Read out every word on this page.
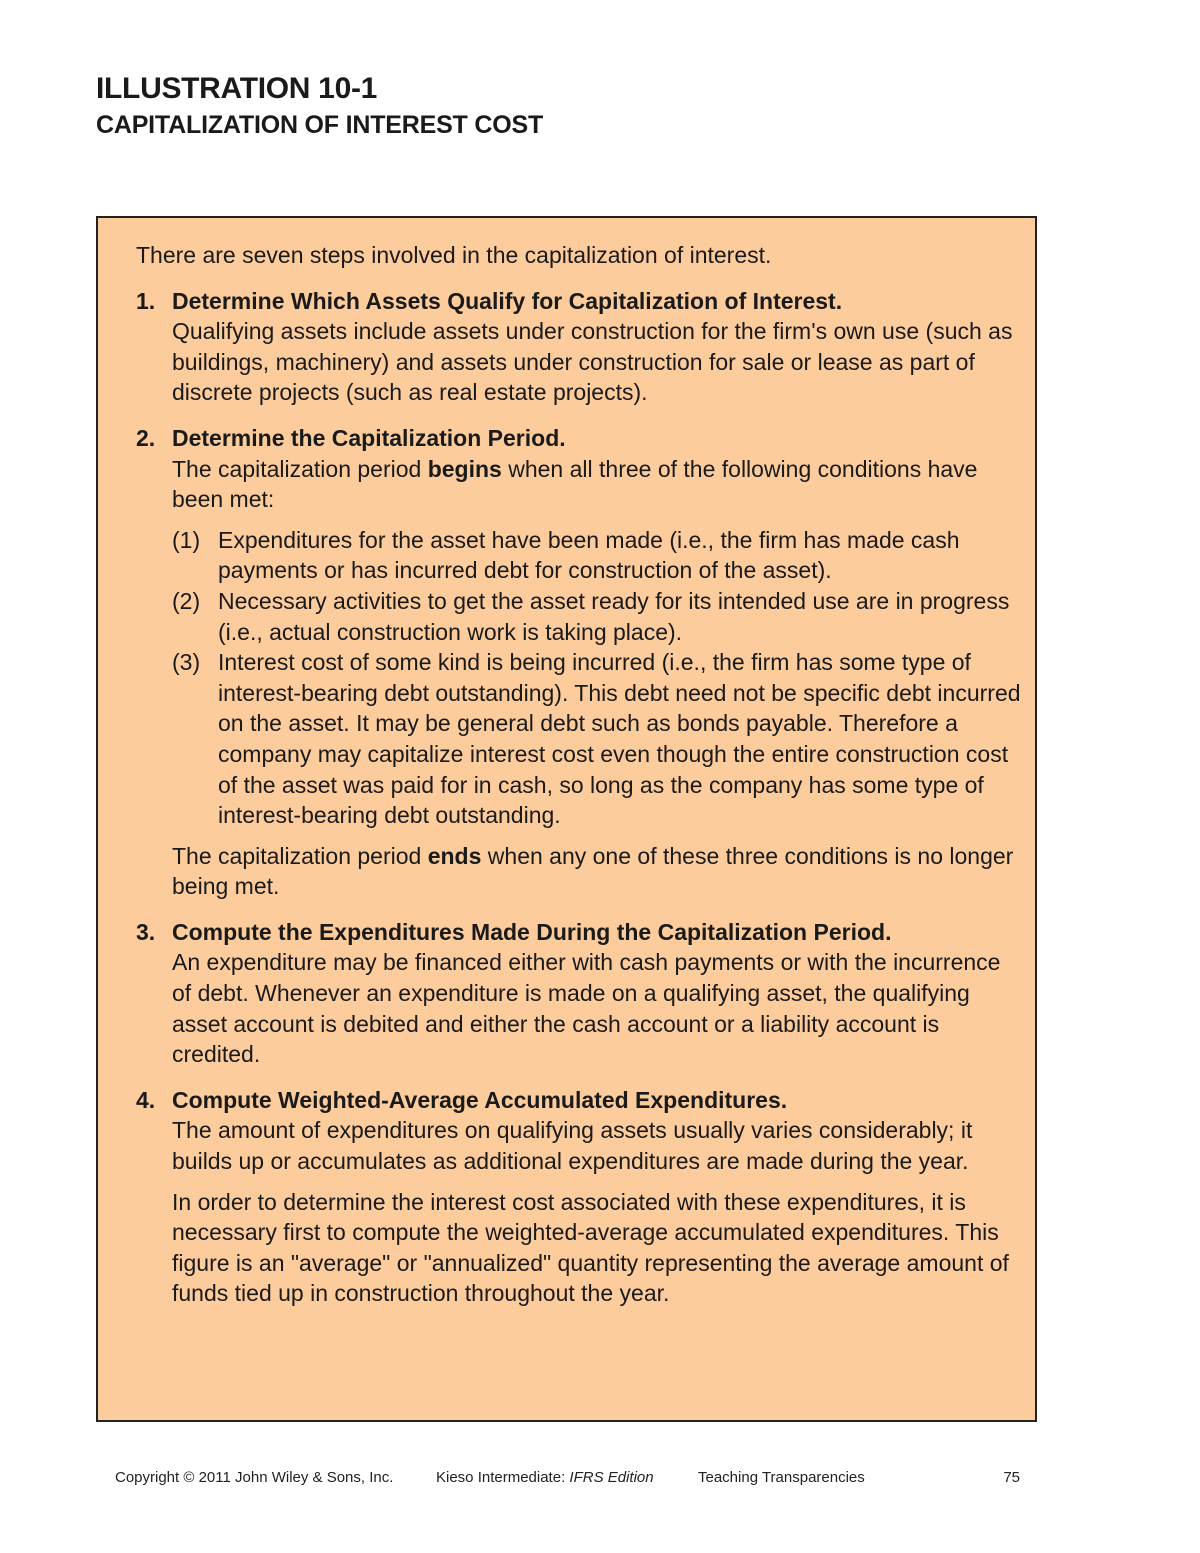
ILLUSTRATION 10-1
CAPITALIZATION OF INTEREST COST

There are seven steps involved in the capitalization of interest.

1. Determine Which Assets Qualify for Capitalization of Interest.

Qualifying assets include assets under construction for the firm's own use (such as buildings, machinery) and assets under construction for sale or lease as part of discrete projects (such as real estate projects).

2. Determine the Capitalization Period.

The capitalization period begins when all three of the following conditions have been met:

(1) Expenditures for the asset have been made (i.e., the firm has made cash payments or has incurred debt for construction of the asset).
(2) Necessary activities to get the asset ready for its intended use are in progress (i.e., actual construction work is taking place).
(3) Interest cost of some kind is being incurred (i.e., the firm has some type of interest-bearing debt outstanding). This debt need not be specific debt incurred on the asset. It may be general debt such as bonds payable. Therefore a company may capitalize interest cost even though the entire construction cost of the asset was paid for in cash, so long as the company has some type of interest-bearing debt outstanding.

The capitalization period ends when any one of these three conditions is no longer being met.

3. Compute the Expenditures Made During the Capitalization Period.

An expenditure may be financed either with cash payments or with the incurrence of debt. Whenever an expenditure is made on a qualifying asset, the qualifying asset account is debited and either the cash account or a liability account is credited.

4. Compute Weighted-Average Accumulated Expenditures.

The amount of expenditures on qualifying assets usually varies considerably; it builds up or accumulates as additional expenditures are made during the year.

In order to determine the interest cost associated with these expenditures, it is necessary first to compute the weighted-average accumulated expenditures. This figure is an "average" or "annualized" quantity representing the average amount of funds tied up in construction throughout the year.

Copyright © 2011 John Wiley & Sons, Inc.	Kieso Intermediate: IFRS Edition	Teaching Transparencies	75
